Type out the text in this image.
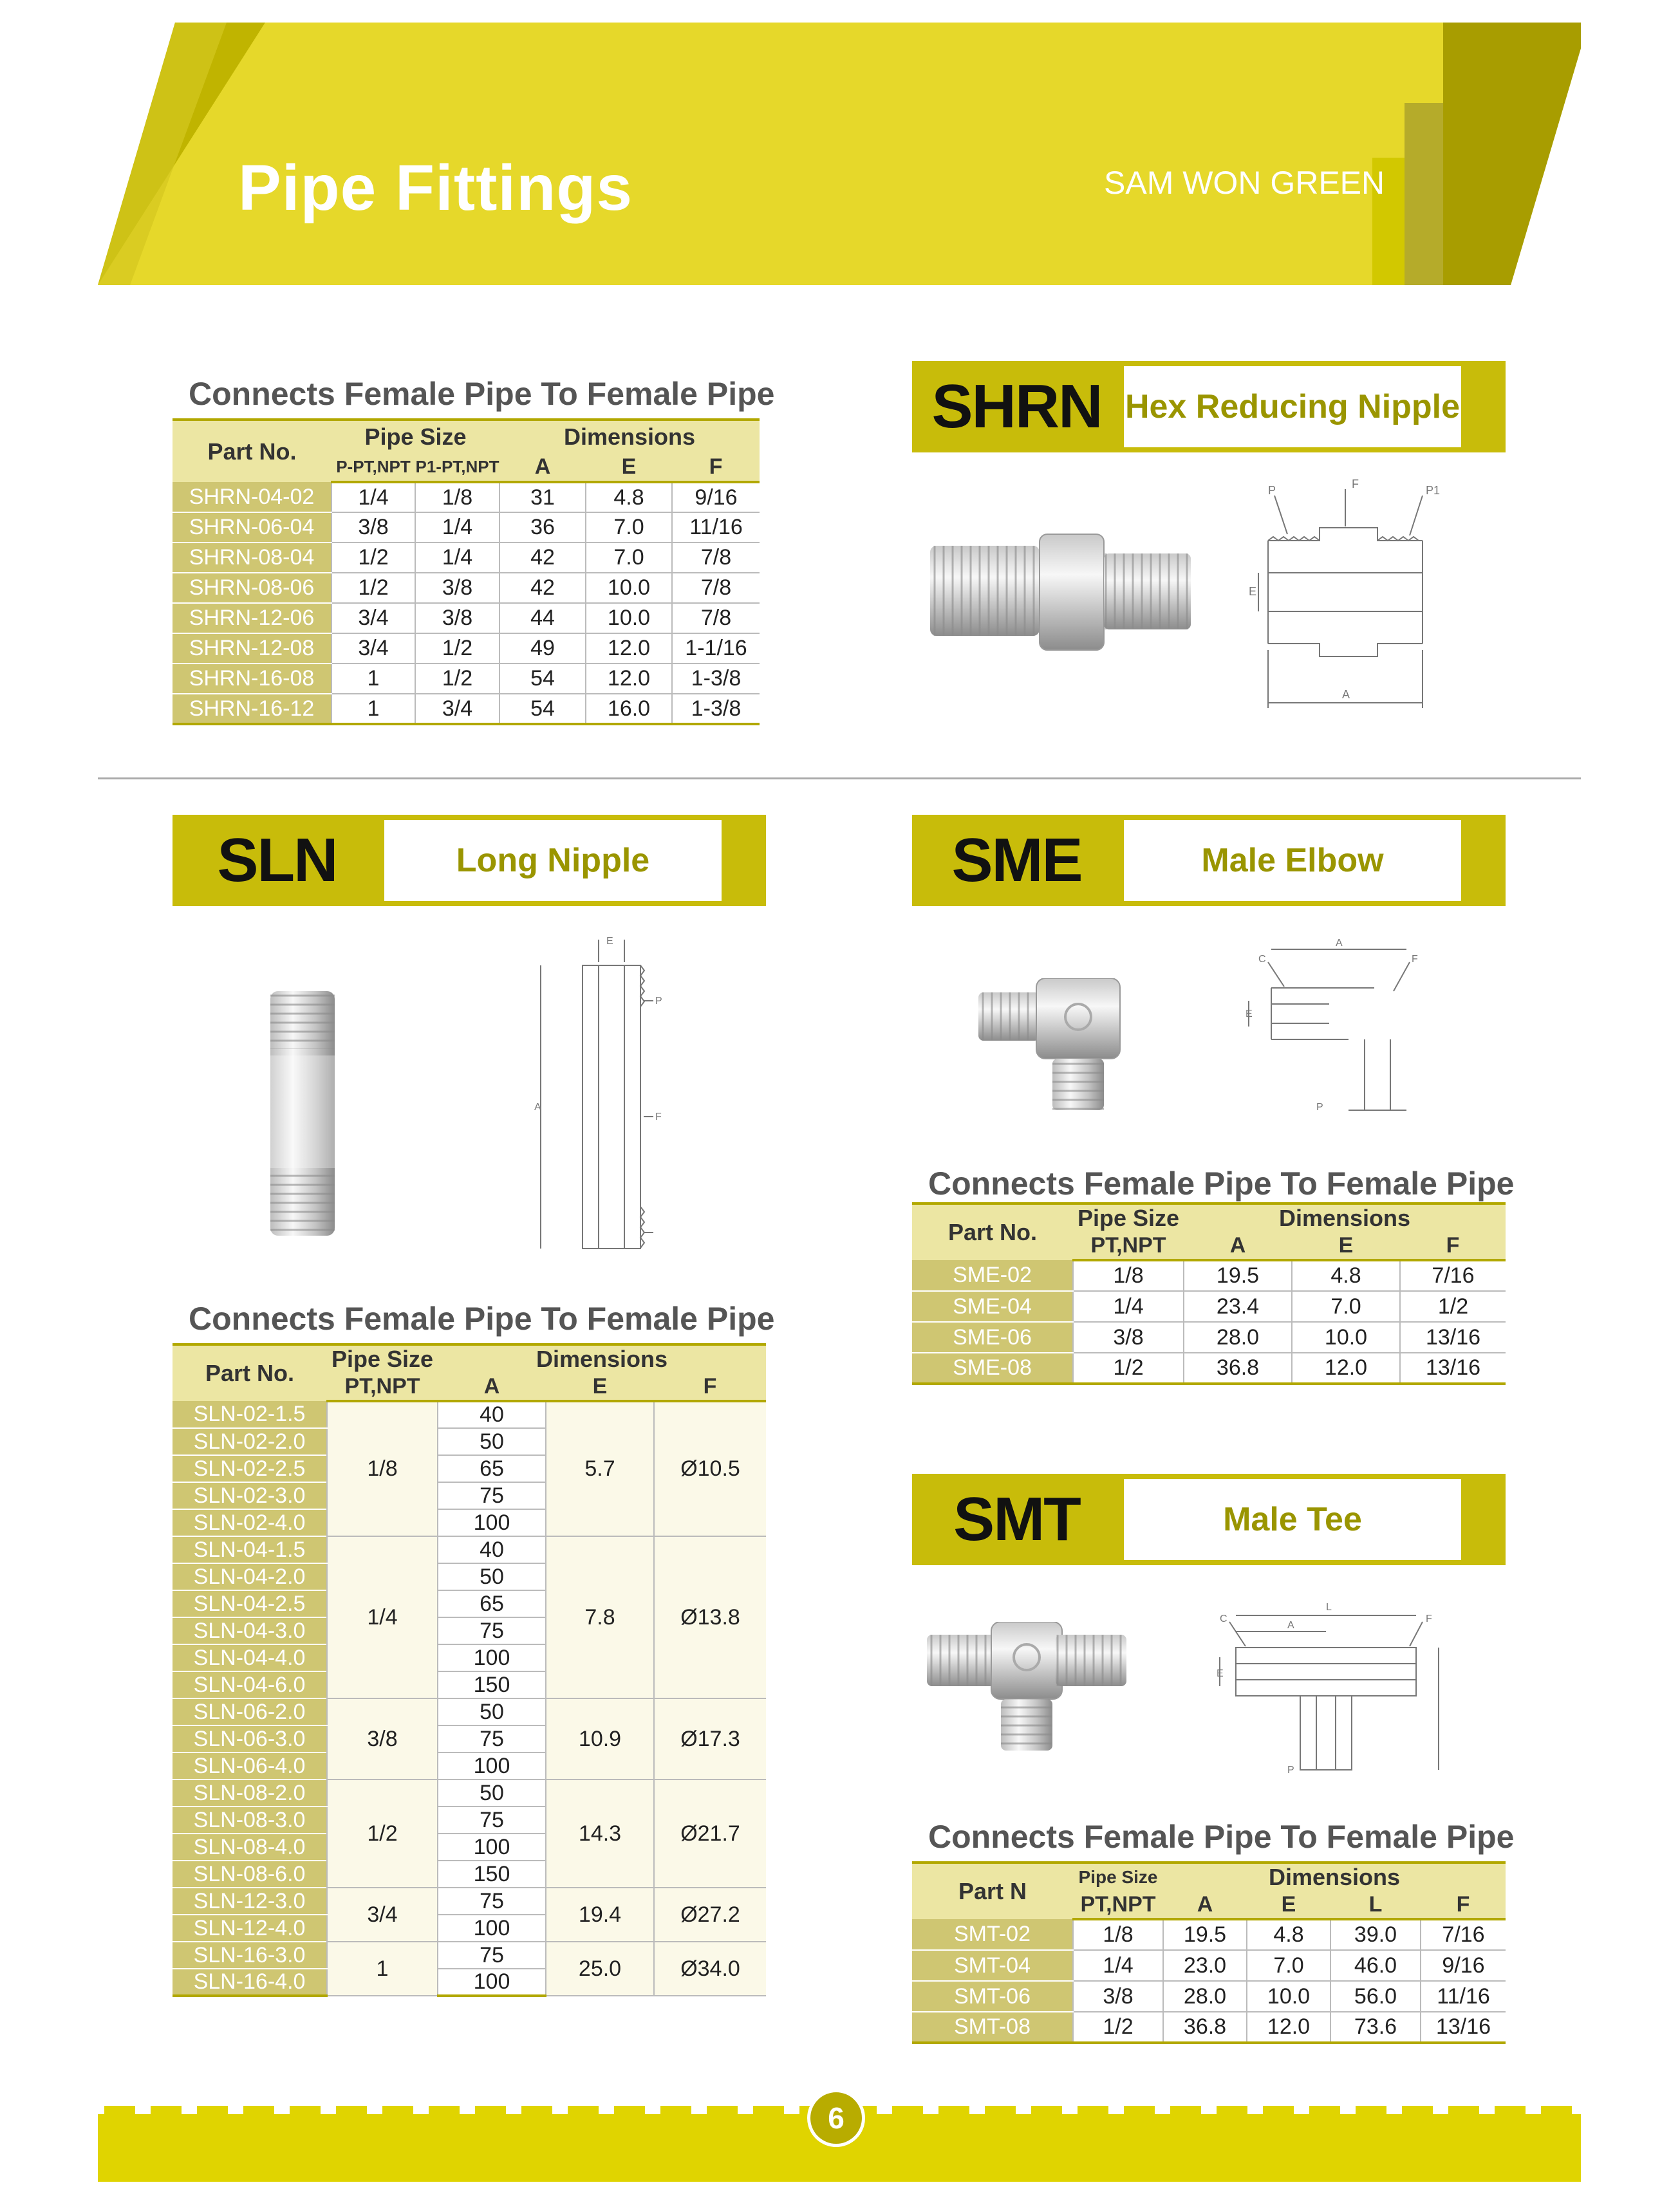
Pipe Fittings	SAM WON GREEN
Connects Female Pipe To Female Pipe
Part No.	Pipe Size		Dimensions		
	P-PT,NPT	P1-PT,NPT	A	E	F
SHRN-04-02	1/4	1/8	31	4.8	9/16
SHRN-06-04	3/8	1/4	36	7.0	11/16
SHRN-08-04	1/2	1/4	42	7.0	7/8
SHRN-08-06	1/2	3/8	42	10.0	7/8
SHRN-12-06	3/4	3/8	44	10.0	7/8
SHRN-12-08	3/4	1/2	49	12.0	1-1/16
SHRN-16-08	1	1/2	54	12.0	1-3/8
SHRN-16-12	1	3/4	54	16.0	1-3/8
SHRN Hex Reducing Nipple
P	F	P1
E
A
SLN	Long Nipple
P
A
F
E
Connects Female Pipe To Female Pipe
Part No.	Pipe Size	Dimensions		
	PT,NPT	A	E	F
SLN-02-1.5	1/8	40	5.7	Ø10.5
SLN-02-2.0		50		
SLN-02-2.5		65		
SLN-02-3.0		75		
SLN-02-4.0		100		
SLN-04-1.5	1/4	40	7.8	Ø13.8
SLN-04-2.0		50		
SLN-04-2.5		65		
SLN-04-3.0		75		
SLN-04-4.0		100		
SLN-04-6.0		150		
SLN-06-2.0	3/8	50	10.9	Ø17.3
SLN-06-3.0		75		
SLN-06-4.0		100		
SLN-08-2.0	1/2	50	14.3	Ø21.7
SLN-08-3.0		75		
SLN-08-4.0		100		
SLN-08-6.0		150		
SLN-12-3.0	3/4	75	19.4	Ø27.2
SLN-12-4.0		100		
SLN-16-3.0	1	75	25.0	Ø34.0
SLN-16-4.0		100		
SME	Male Elbow
A
C
E
F
P
Connects Female Pipe To Female Pipe
Part No.	Pipe Size	Dimensions		
	PT,NPT	A	E	F
SME-02	1/8	19.5	4.8	7/16
SME-04	1/4	23.4	7.0	1/2
SME-06	3/8	28.0	10.0	13/16
SME-08	1/2	36.8	12.0	13/16
SMT	Male Tee
A
L
C
E
F
P
Connects Female Pipe To Female Pipe
Part N	Pipe Size	Dimensions			
	PT,NPT	A	E	L	F
SMT-02	1/8	19.5	4.8	39.0	7/16
SMT-04	1/4	23.0	7.0	46.0	9/16
SMT-06	3/8	28.0	10.0	56.0	11/16
SMT-08	1/2	36.8	12.0	73.6	13/16
6
